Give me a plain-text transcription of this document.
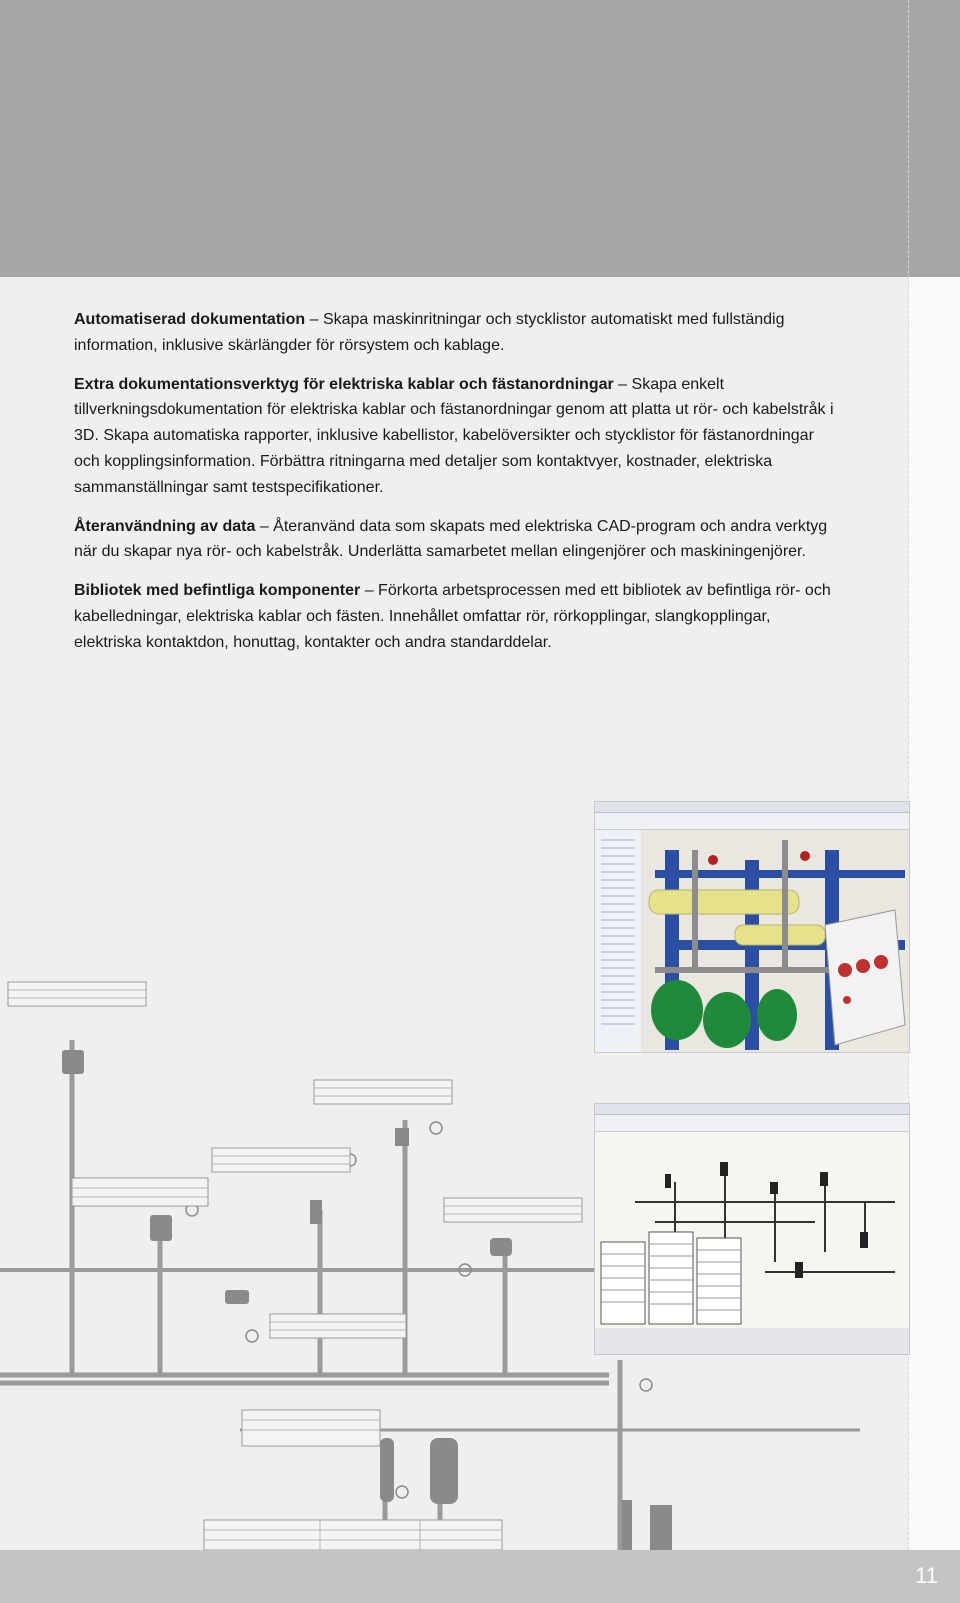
Automatiserad dokumentation – Skapa maskinritningar och stycklistor automatiskt med fullständig information, inklusive skärlängder för rörsystem och kablage.

Extra dokumentationsverktyg för elektriska kablar och fästanordningar – Skapa enkelt tillverkningsdokumentation för elektriska kablar och fästanordningar genom att platta ut rör- och kabelstråk i 3D. Skapa automatiska rapporter, inklusive kabellistor, kabelöversikter och stycklistor för fästanordningar och kopplingsinformation. Förbättra ritningarna med detaljer som kontaktvyer, kostnader, elektriska sammanställningar samt testspecifikationer.

Återanvändning av data – Återanvänd data som skapats med elektriska CAD-program och andra verktyg när du skapar nya rör- och kabelstråk. Underlätta samarbetet mellan elingenjörer och maskiningenjörer.

Bibliotek med befintliga komponenter – Förkorta arbetsprocessen med ett bibliotek av befintliga rör- och kabelledningar, elektriska kablar och fästen. Innehållet omfattar rör, rörkopplingar, slangkopplingar, elektriska kontaktdon, honuttag, kontakter och andra standarddelar.

11
